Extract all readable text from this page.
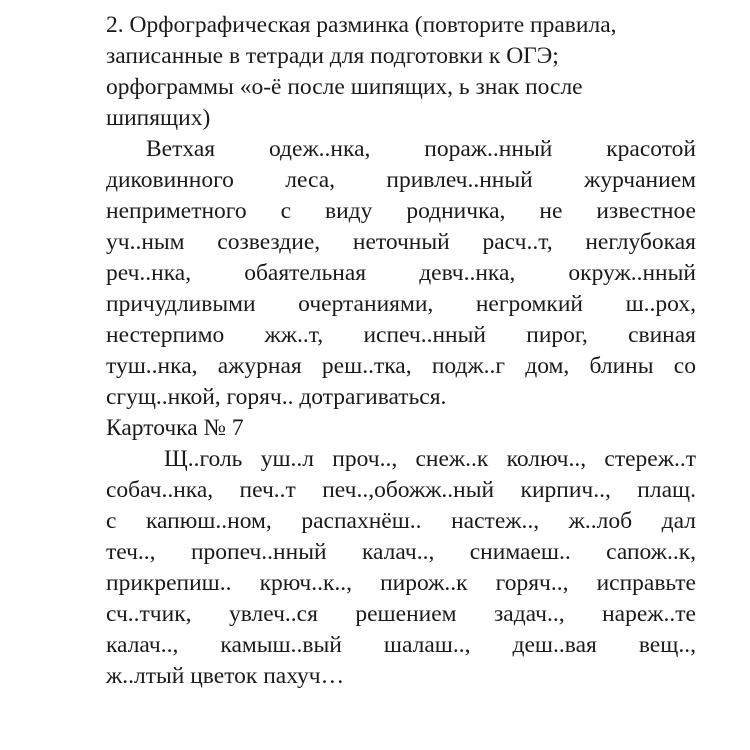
2. Орфографическая разминка (повторите правила,
записанные в тетради для подготовки к ОГЭ;
орфограммы «о-ё после шипящих, ь знак после
шипящих)
Ветхая одеж..нка, пораж..нный красотой
диковинного леса, привлеч..нный журчанием
неприметного с виду родничка, не известное
уч..ным созвездие, неточный расч..т, неглубокая
реч..нка, обаятельная девч..нка, окруж..нный
причудливыми очертаниями, негромкий ш..рох,
нестерпимо жж..т, испеч..нный пирог, свиная
туш..нка, ажурная реш..тка, подж..г дом, блины со
сгущ..нкой, горяч.. дотрагиваться.
Карточка № 7
Щ..голь уш..л проч.., снеж..к колюч.., стереж..т
собач..нка, печ..т печ..,обожж..ный кирпич.., плащ.
с капюш..ном, распахнёш.. настеж.., ж..лоб дал
теч.., пропеч..нный калач.., снимаеш.. сапож..к,
прикрепиш.. крюч..к.., пирож..к горяч.., исправьте
сч..тчик, увлеч..ся решением задач.., нареж..те
калач.., камыш..вый шалаш.., деш..вая вещ..,
ж..лтый цветок пахуч…
